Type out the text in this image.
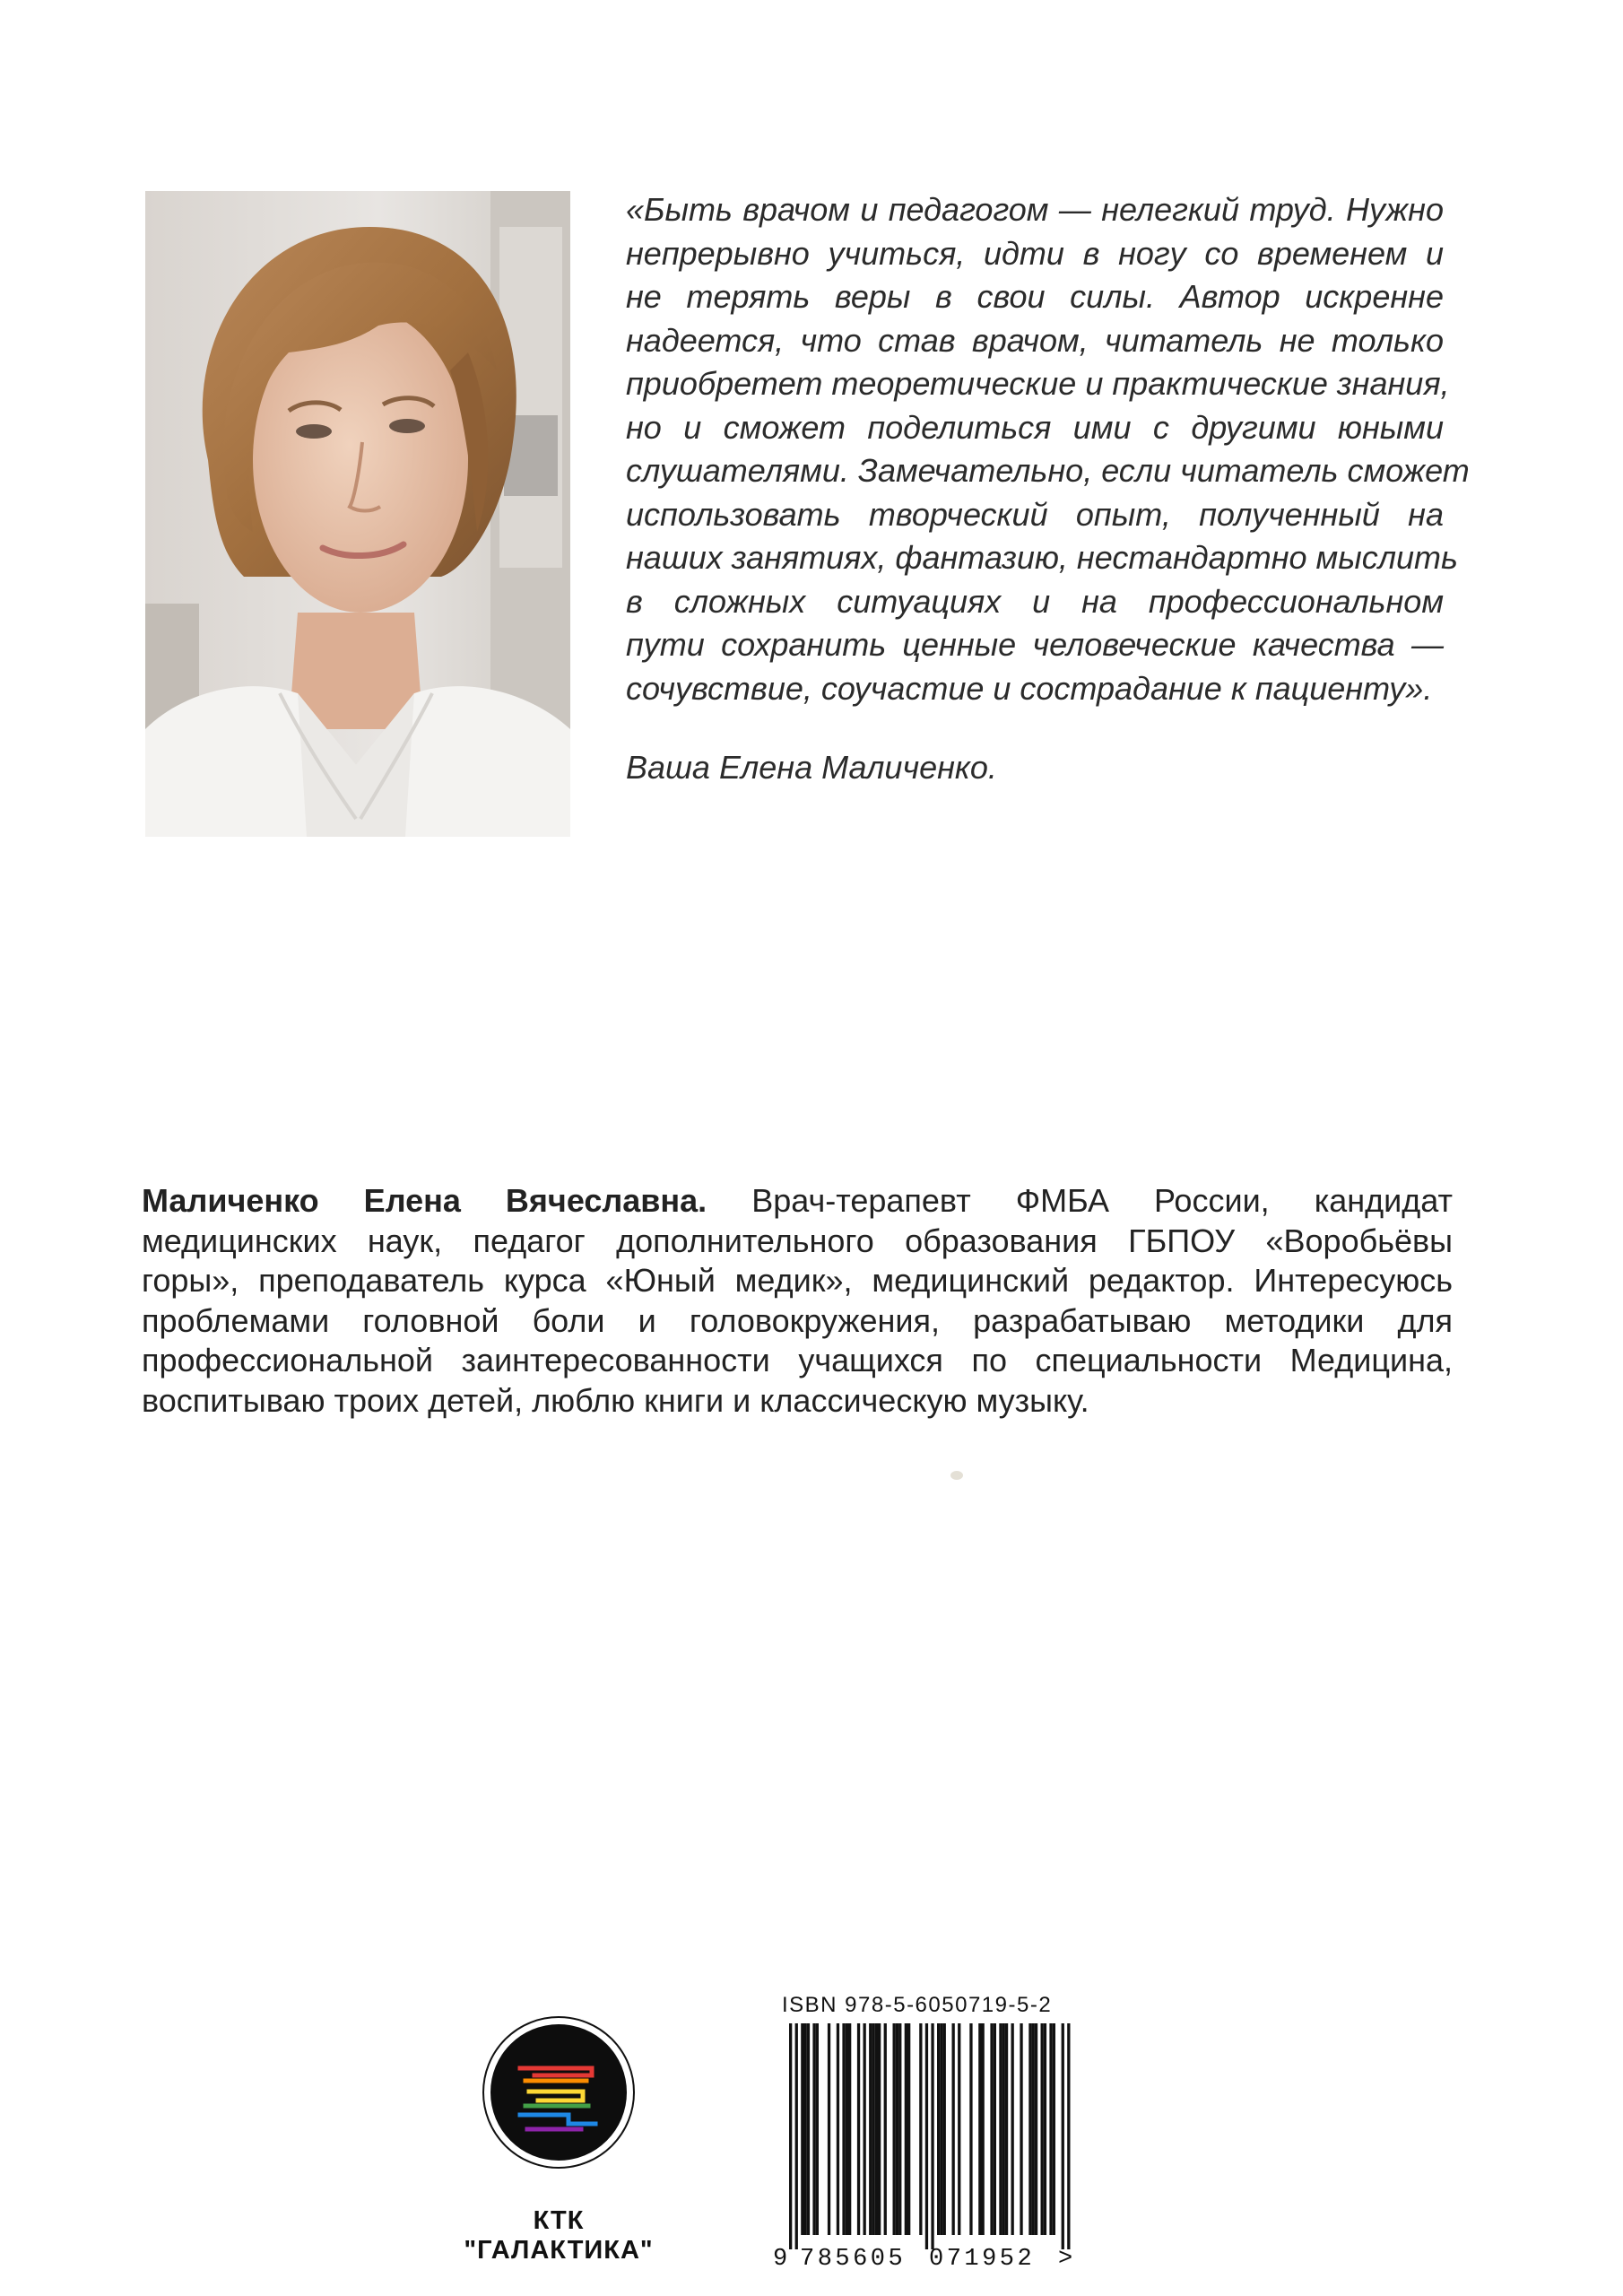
«Быть врачом и педагогом — нелегкий труд. Нужно
непрерывно учиться, идти в ногу со временем и
не терять веры в свои силы. Автор искренне
надеется, что став врачом, читатель не только
приобретет теоретические и практические знания,
но и сможет поделиться ими с другими юными
слушателями. Замечательно, если читатель сможет
использовать творческий опыт, полученный на
наших занятиях, фантазию, нестандартно мыслить
в сложных ситуациях и на профессиональном
пути сохранить ценные человеческие качества —
сочувствие, соучастие и сострадание к пациенту».
Ваша Елена Маличенко.
Маличенко Елена Вячеславна. Врач-терапевт ФМБА России, кандидат
медицинских наук, педагог дополнительного образования ГБПОУ «Воробьёвы
горы», преподаватель курса «Юный медик», медицинский редактор. Интересуюсь
проблемами головной боли и головокружения, разрабатываю методики для
профессиональной заинтересованности учащихся по специальности Медицина,
воспитываю троих детей, люблю книги и классическую музыку.
КТК "ГАЛАКТИКА"
ISBN 978-5-6050719-5-2
9 785605 071952 >
